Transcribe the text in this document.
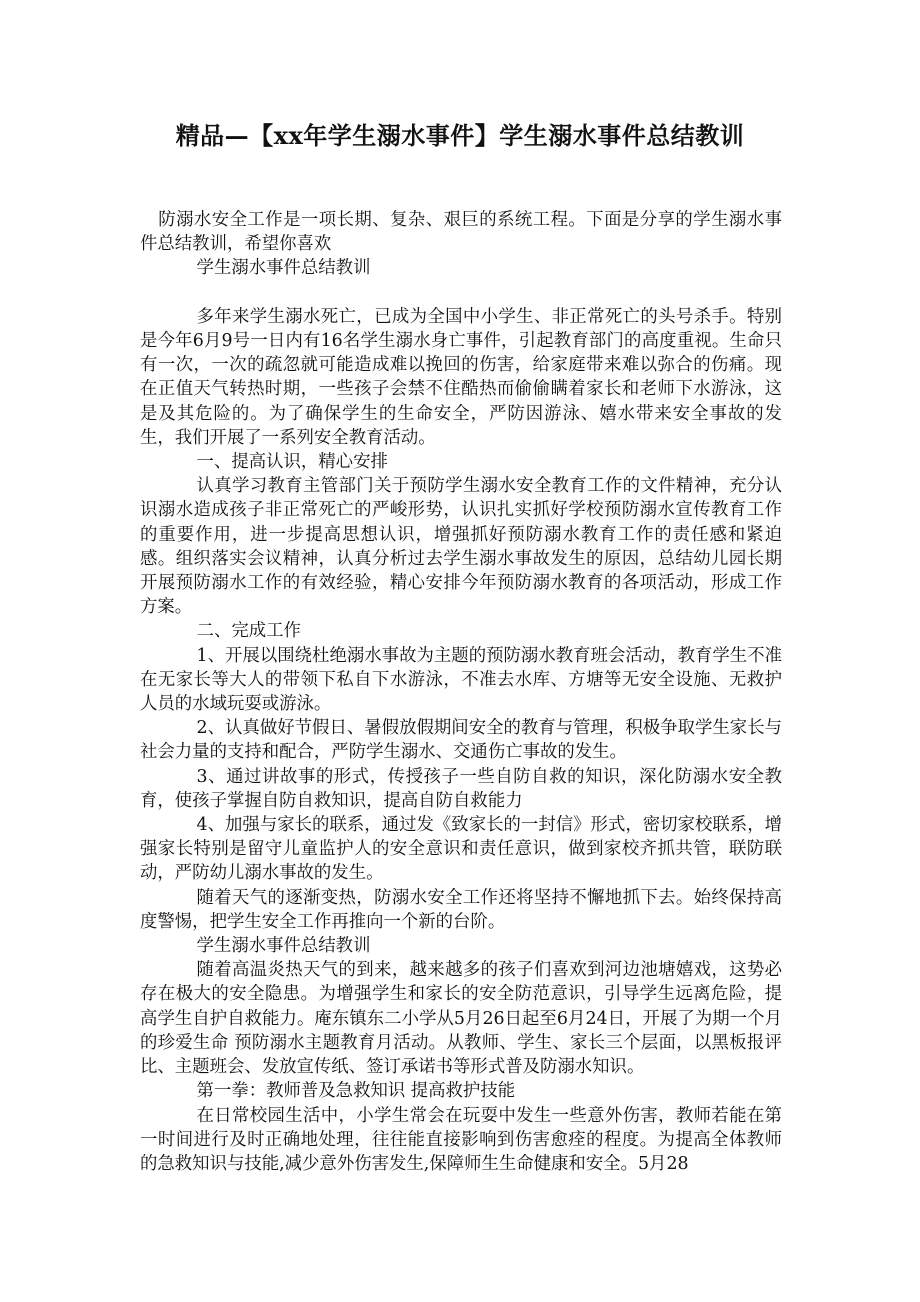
精品—【xx年学生溺水事件】学生溺水事件总结教训

防溺水安全工作是一项长期、复杂、艰巨的系统工程。下面是分享的学生溺水事件总结教训，希望你喜欢

学生溺水事件总结教训

多年来学生溺水死亡，已成为全国中小学生、非正常死亡的头号杀手。特别是今年6月9号一日内有16名学生溺水身亡事件，引起教育部门的高度重视。生命只有一次，一次的疏忽就可能造成难以挽回的伤害，给家庭带来难以弥合的伤痛。现在正值天气转热时期，一些孩子会禁不住酷热而偷偷瞒着家长和老师下水游泳，这是及其危险的。为了确保学生的生命安全，严防因游泳、嬉水带来安全事故的发生，我们开展了一系列安全教育活动。

一、提高认识，精心安排

认真学习教育主管部门关于预防学生溺水安全教育工作的文件精神，充分认识溺水造成孩子非正常死亡的严峻形势，认识扎实抓好学校预防溺水宣传教育工作的重要作用，进一步提高思想认识，增强抓好预防溺水教育工作的责任感和紧迫感。组织落实会议精神，认真分析过去学生溺水事故发生的原因，总结幼儿园长期开展预防溺水工作的有效经验，精心安排今年预防溺水教育的各项活动，形成工作方案。

二、完成工作

1、开展以围绕杜绝溺水事故为主题的预防溺水教育班会活动，教育学生不准在无家长等大人的带领下私自下水游泳，不准去水库、方塘等无安全设施、无救护人员的水域玩耍或游泳。

2、认真做好节假日、暑假放假期间安全的教育与管理，积极争取学生家长与社会力量的支持和配合，严防学生溺水、交通伤亡事故的发生。

3、通过讲故事的形式，传授孩子一些自防自救的知识，深化防溺水安全教育，使孩子掌握自防自救知识，提高自防自救能力

4、加强与家长的联系，通过发《致家长的一封信》形式，密切家校联系，增强家长特别是留守儿童监护人的安全意识和责任意识，做到家校齐抓共管，联防联动，严防幼儿溺水事故的发生。

随着天气的逐渐变热，防溺水安全工作还将坚持不懈地抓下去。始终保持高度警惕，把学生安全工作再推向一个新的台阶。

学生溺水事件总结教训

随着高温炎热天气的到来，越来越多的孩子们喜欢到河边池塘嬉戏，这势必存在极大的安全隐患。为增强学生和家长的安全防范意识，引导学生远离危险，提高学生自护自救能力。庵东镇东二小学从5月26日起至6月24日，开展了为期一个月的珍爱生命 预防溺水主题教育月活动。从教师、学生、家长三个层面，以黑板报评比、主题班会、发放宣传纸、签订承诺书等形式普及防溺水知识。

第一拳：教师普及急救知识 提高救护技能

在日常校园生活中，小学生常会在玩耍中发生一些意外伤害，教师若能在第一时间进行及时正确地处理，往往能直接影响到伤害愈痊的程度。为提高全体教师的急救知识与技能,减少意外伤害发生,保障师生生命健康和安全。5月28
